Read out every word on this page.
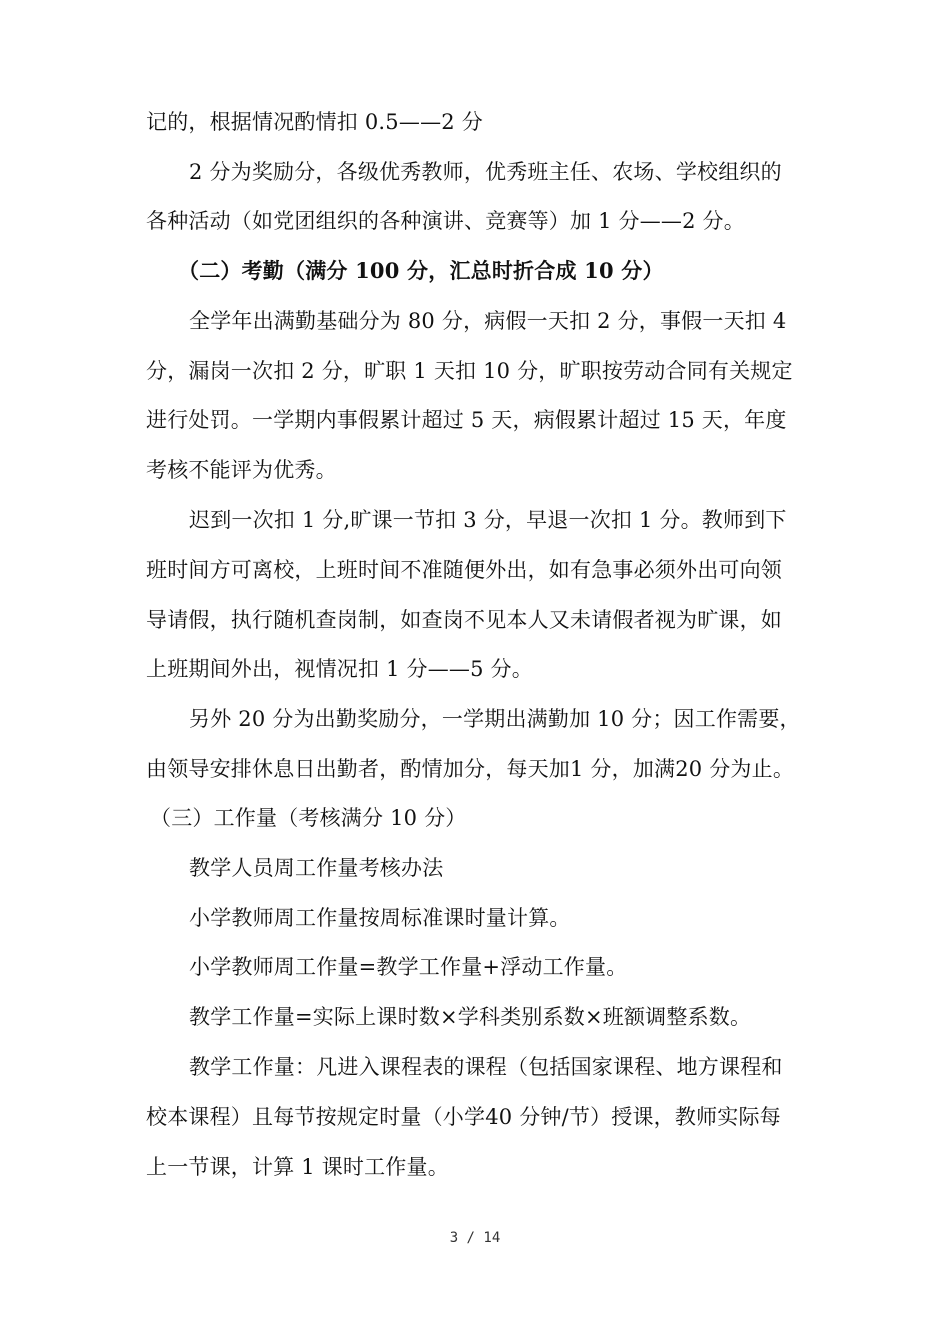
记的，根据情况酌情扣 0.5——2 分
2 分为奖励分，各级优秀教师，优秀班主任、农场、学校组织的
各种活动（如党团组织的各种演讲、竞赛等）加 1 分——2 分。
（二）考勤（满分 100 分，汇总时折合成 10 分）
全学年出满勤基础分为 80 分，病假一天扣 2 分，事假一天扣 4
分，漏岗一次扣 2 分，旷职 1 天扣 10 分，旷职按劳动合同有关规定
进行处罚。一学期内事假累计超过 5 天，病假累计超过 15 天，年度
考核不能评为优秀。
迟到一次扣 1 分,旷课一节扣 3 分，早退一次扣 1 分。教师到下
班时间方可离校，上班时间不准随便外出，如有急事必须外出可向领
导请假，执行随机查岗制，如查岗不见本人又未请假者视为旷课，如
上班期间外出，视情况扣 1 分——5 分。
另外 20 分为出勤奖励分，一学期出满勤加 10 分；因工作需要，
由领导安排休息日出勤者，酌情加分，每天加1 分，加满20 分为止。
（三）工作量（考核满分 10 分）
教学人员周工作量考核办法
小学教师周工作量按周标准课时量计算。
小学教师周工作量=教学工作量+浮动工作量。
教学工作量=实际上课时数×学科类别系数×班额调整系数。
教学工作量：凡进入课程表的课程（包括国家课程、地方课程和
校本课程）且每节按规定时量（小学40 分钟/节）授课，教师实际每
上一节课，计算 1 课时工作量。
3 / 14
